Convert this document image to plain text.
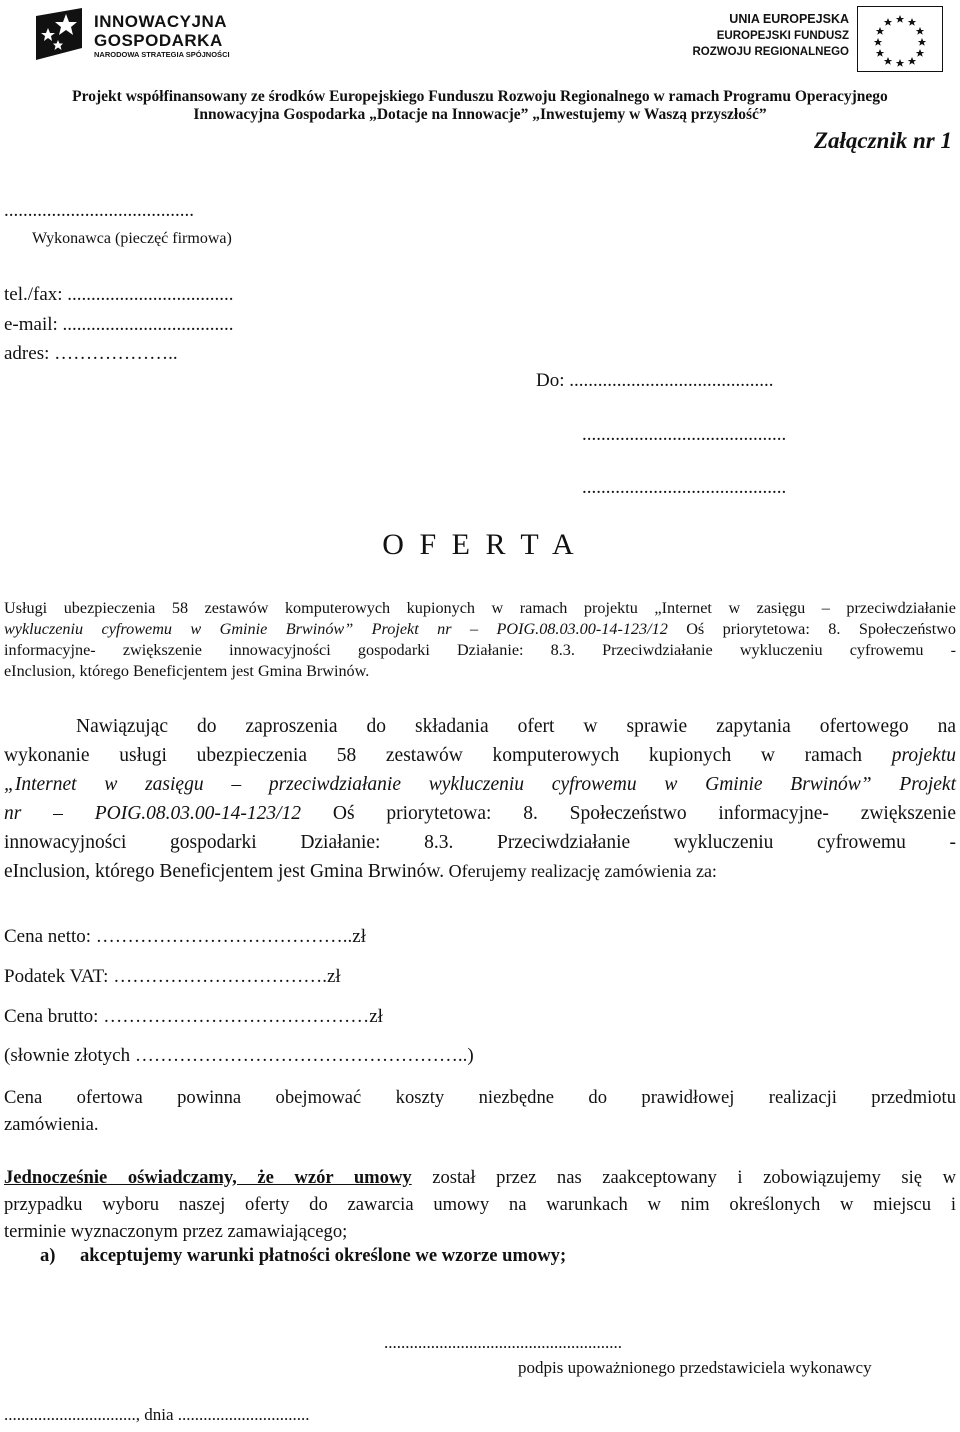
INNOWACYJNA
GOSPODARKA
NARODOWA STRATEGIA SPÓJNOŚCI
UNIA EUROPEJSKA
EUROPEJSKI FUNDUSZ
ROZWOJU REGIONALNEGO
Projekt współfinansowany ze środków Europejskiego Funduszu Rozwoju Regionalnego w ramach Programu Operacyjnego
Innowacyjna Gospodarka „Dotacje na Innowacje” „Inwestujemy w Waszą przyszłość”
Załącznik nr 1
........................................
Wykonawca (pieczęć firmowa)
tel./fax: ...................................
e-mail: ....................................
adres: ………………..
Do: ...........................................
...........................................
...........................................
O F E R T A
Usługi ubezpieczenia 58 zestawów komputerowych kupionych w ramach projektu „Internet w zasięgu – przeciwdziałanie
wykluczeniu cyfrowemu w Gminie Brwinów” Projekt nr – POIG.08.03.00-14-123/12 Oś priorytetowa: 8. Społeczeństwo
informacyjne- zwiększenie innowacyjności gospodarki Działanie: 8.3. Przeciwdziałanie wykluczeniu cyfrowemu -
eInclusion, którego Beneficjentem jest Gmina Brwinów.
Nawiązując do zaproszenia do składania ofert w sprawie zapytania ofertowego na
wykonanie usługi ubezpieczenia 58 zestawów komputerowych kupionych w ramach projektu
„Internet w zasięgu – przeciwdziałanie wykluczeniu cyfrowemu w Gminie Brwinów” Projekt
nr – POIG.08.03.00-14-123/12 Oś priorytetowa: 8. Społeczeństwo informacyjne- zwiększenie
innowacyjności gospodarki Działanie: 8.3. Przeciwdziałanie wykluczeniu cyfrowemu -
eInclusion, którego Beneficjentem jest Gmina Brwinów. Oferujemy realizację zamówienia za:
Cena netto: …………………………………..zł
Podatek VAT: …………………………….zł
Cena brutto: ……………………………………zł
(słownie złotych ……………………………………………..)
Cena ofertowa powinna obejmować koszty niezbędne do prawidłowej realizacji przedmiotu
zamówienia.
Jednocześnie oświadczamy, że wzór umowy został przez nas zaakceptowany i zobowiązujemy się w
przypadku wyboru naszej oferty do zawarcia umowy na warunkach w nim określonych w miejscu i
terminie wyznaczonym przez zamawiającego;
a) akceptujemy warunki płatności określone we wzorze umowy;
........................................................
podpis upoważnionego przedstawiciela wykonawcy
..............................., dnia ...............................
